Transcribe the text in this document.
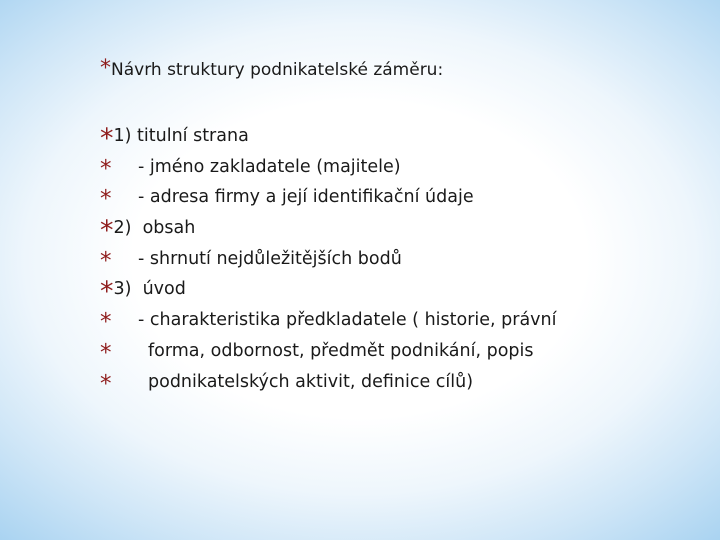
*Návrh struktury podnikatelské záměru:
*1) titulní strana
* - jméno zakladatele (majitele)
* - adresa firmy a její identifikační údaje
*2)  obsah
* - shrnutí nejdůležitějších bodů
*3)  úvod
* - charakteristika předkladatele ( historie, právní
* forma, odbornost, předmět podnikání, popis
* podnikatelských aktivit, definice cílů)
